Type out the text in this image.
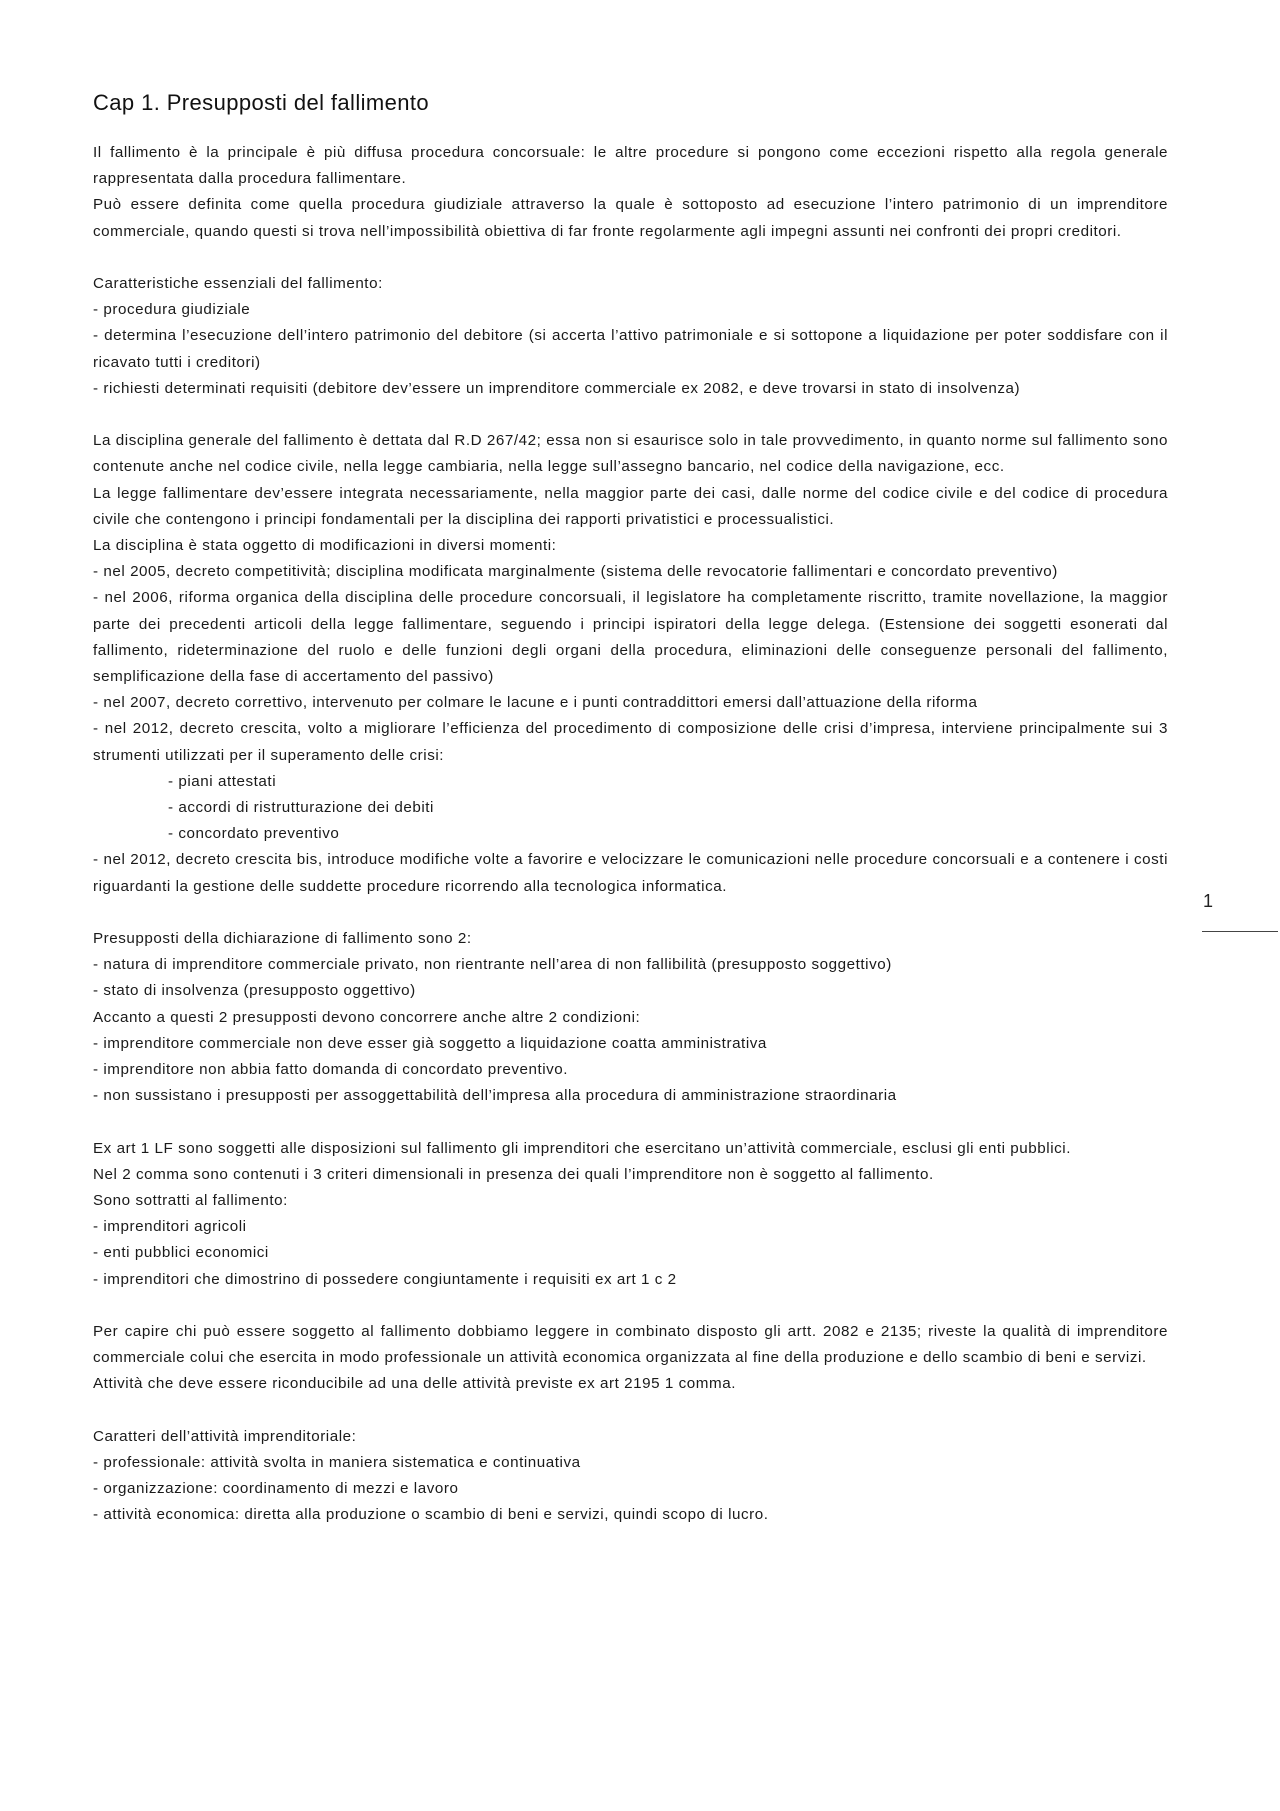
Cap 1. Presupposti del fallimento

Il fallimento è la principale è più diffusa procedura concorsuale: le altre procedure si pongono come eccezioni rispetto alla regola generale rappresentata dalla procedura fallimentare.

Può essere definita come quella procedura giudiziale attraverso la quale è sottoposto ad esecuzione l’intero patrimonio di un imprenditore commerciale, quando questi si trova nell’impossibilità obiettiva di far fronte regolarmente agli impegni assunti nei confronti dei propri creditori.

Caratteristiche essenziali del fallimento:

- procedura giudiziale

- determina l’esecuzione dell’intero patrimonio del debitore (si accerta l’attivo patrimoniale e si sottopone a liquidazione per poter soddisfare con il ricavato tutti i creditori)

- richiesti determinati requisiti (debitore dev’essere un imprenditore commerciale ex 2082, e deve trovarsi in stato di insolvenza)

La disciplina generale del fallimento è dettata dal R.D 267/42; essa non si esaurisce solo in tale provvedimento, in quanto norme sul fallimento sono contenute anche nel codice civile, nella legge cambiaria, nella legge sull’assegno bancario, nel codice della navigazione, ecc.

La legge fallimentare dev’essere integrata necessariamente, nella maggior parte dei casi, dalle norme del codice civile e del codice di procedura civile che contengono i principi fondamentali per la disciplina dei rapporti privatistici e processualistici.

La disciplina è stata oggetto di modificazioni in diversi momenti:

- nel 2005, decreto competitività; disciplina modificata marginalmente (sistema delle revocatorie fallimentari e concordato preventivo)

- nel 2006, riforma organica della disciplina delle procedure concorsuali, il legislatore ha completamente riscritto, tramite novellazione, la maggior parte dei precedenti articoli della legge fallimentare, seguendo i principi ispiratori della legge delega. (Estensione dei soggetti esonerati dal fallimento, rideterminazione del ruolo e delle funzioni degli organi della procedura, eliminazioni delle conseguenze personali del fallimento, semplificazione della fase di accertamento del passivo)

- nel 2007, decreto correttivo, intervenuto per colmare le lacune e i punti contraddittori emersi dall’attuazione della riforma

- nel 2012, decreto crescita, volto a migliorare l’efficienza del procedimento di composizione delle crisi d’impresa, interviene principalmente sui 3 strumenti utilizzati per il superamento delle crisi:

- piani attestati

- accordi di ristrutturazione dei debiti

- concordato preventivo

- nel 2012, decreto crescita bis, introduce modifiche volte a favorire e velocizzare le comunicazioni nelle procedure concorsuali e a contenere i costi riguardanti la gestione delle suddette procedure ricorrendo alla tecnologica informatica.

Presupposti della dichiarazione di fallimento sono 2:

- natura di imprenditore commerciale privato, non rientrante nell’area di non fallibilità (presupposto soggettivo)

- stato di insolvenza (presupposto oggettivo)

Accanto a questi 2 presupposti devono concorrere anche altre 2 condizioni:

- imprenditore commerciale non deve esser già soggetto a liquidazione coatta amministrativa

- imprenditore non abbia fatto domanda di concordato preventivo.

- non sussistano i presupposti per assoggettabilità dell’impresa alla procedura di amministrazione straordinaria

Ex art 1 LF sono soggetti alle disposizioni sul fallimento gli imprenditori che esercitano un’attività commerciale, esclusi gli enti pubblici.

Nel 2 comma sono contenuti i 3 criteri dimensionali in presenza dei quali l’imprenditore non è soggetto al fallimento.

Sono sottratti al fallimento:

- imprenditori agricoli

- enti pubblici economici

- imprenditori che dimostrino di possedere congiuntamente i requisiti ex art 1 c 2

Per capire chi può essere soggetto al fallimento dobbiamo leggere in combinato disposto gli artt. 2082 e 2135; riveste la qualità di imprenditore commerciale colui che esercita in modo professionale un attività economica organizzata al fine della produzione e dello scambio di beni e servizi.

Attività che deve essere riconducibile ad una delle attività previste ex art 2195 1 comma.

Caratteri dell’attività imprenditoriale:

- professionale: attività svolta in maniera sistematica e continuativa

- organizzazione: coordinamento di mezzi e lavoro

- attività economica: diretta alla produzione o scambio di beni e servizi, quindi scopo di lucro.

1
